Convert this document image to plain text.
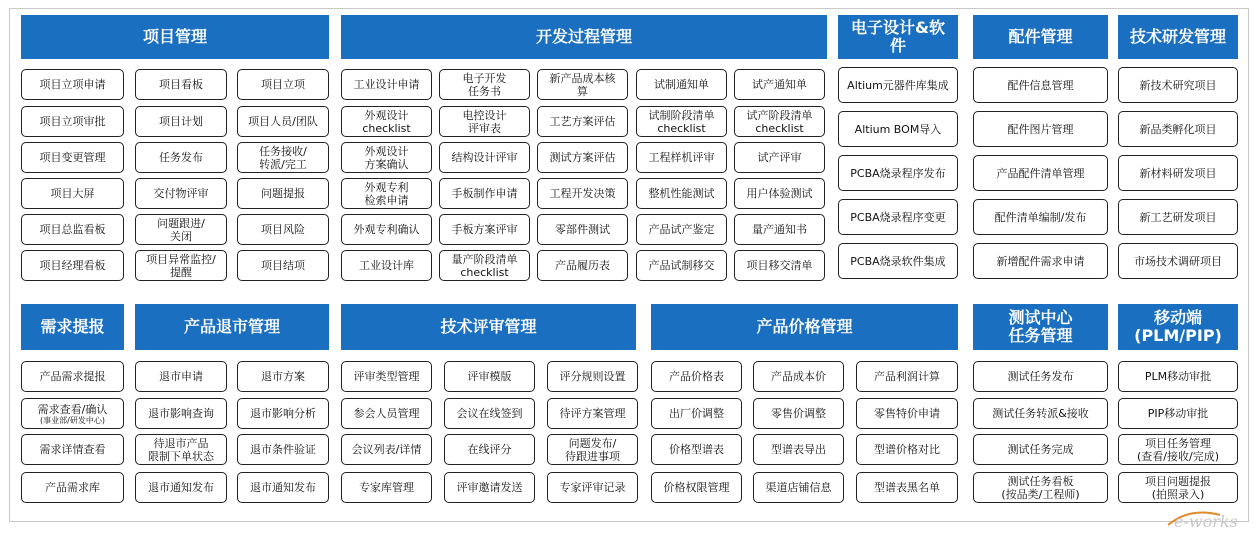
项目管理
项目立项申请
项目立项审批
项目变更管理
项目大屏
项目总监看板
项目经理看板
项目看板
项目计划
任务发布
交付物评审
问题跟进/
关闭
项目异常监控/
提醒
项目立项
项目人员/团队
任务接收/
转派/完工
问题提报
项目风险
项目结项
开发过程管理
工业设计申请
外观设计
checklist
外观设计
方案确认
外观专利
检索申请
外观专利确认
工业设计库
电子开发
任务书
电控设计
评审表
结构设计评审
手板制作申请
手板方案评审
量产阶段清单
checklist
新产品成本核
算
工艺方案评估
测试方案评估
工程开发决策
零部件测试
产品履历表
试制通知单
试制阶段清单
checklist
工程样机评审
整机性能测试
产品试产鉴定
产品试制移交
试产通知单
试产阶段清单
checklist
试产评审
用户体验测试
量产通知书
项目移交清单
电子设计&软
件
Altium元器件库集成
Altium BOM导入
PCBA烧录程序发布
PCBA烧录程序变更
PCBA烧录软件集成
配件管理
配件信息管理
配件图片管理
产品配件清单管理
配件清单编制/发布
新增配件需求申请
技术研发管理
新技术研究项目
新品类孵化项目
新材料研发项目
新工艺研发项目
市场技术调研项目
需求提报
产品需求提报
需求查看/确认
(事业部/研发中心)
需求详情查看
产品需求库
产品退市管理
退市申请
退市影响查询
待退市产品
限制下单状态
退市通知发布
退市方案
退市影响分析
退市条件验证
退市通知发布
技术评审管理
评审类型管理
参会人员管理
会议列表/详情
专家库管理
评审模版
会议在线签到
在线评分
评审邀请发送
评分规则设置
待评方案管理
问题发布/
待跟进事项
专家评审记录
产品价格管理
产品价格表
出厂价调整
价格型谱表
价格权限管理
产品成本价
零售价调整
型谱表导出
渠道店铺信息
产品利润计算
零售特价申请
型谱价格对比
型谱表黑名单
测试中心
任务管理
测试任务发布
测试任务转派&接收
测试任务完成
测试任务看板
(按品类/工程师)
移动端
(PLM/PIP)
PLM移动审批
PIP移动审批
项目任务管理
(查看/接收/完成)
项目问题提报
(拍照录入)
e-works
